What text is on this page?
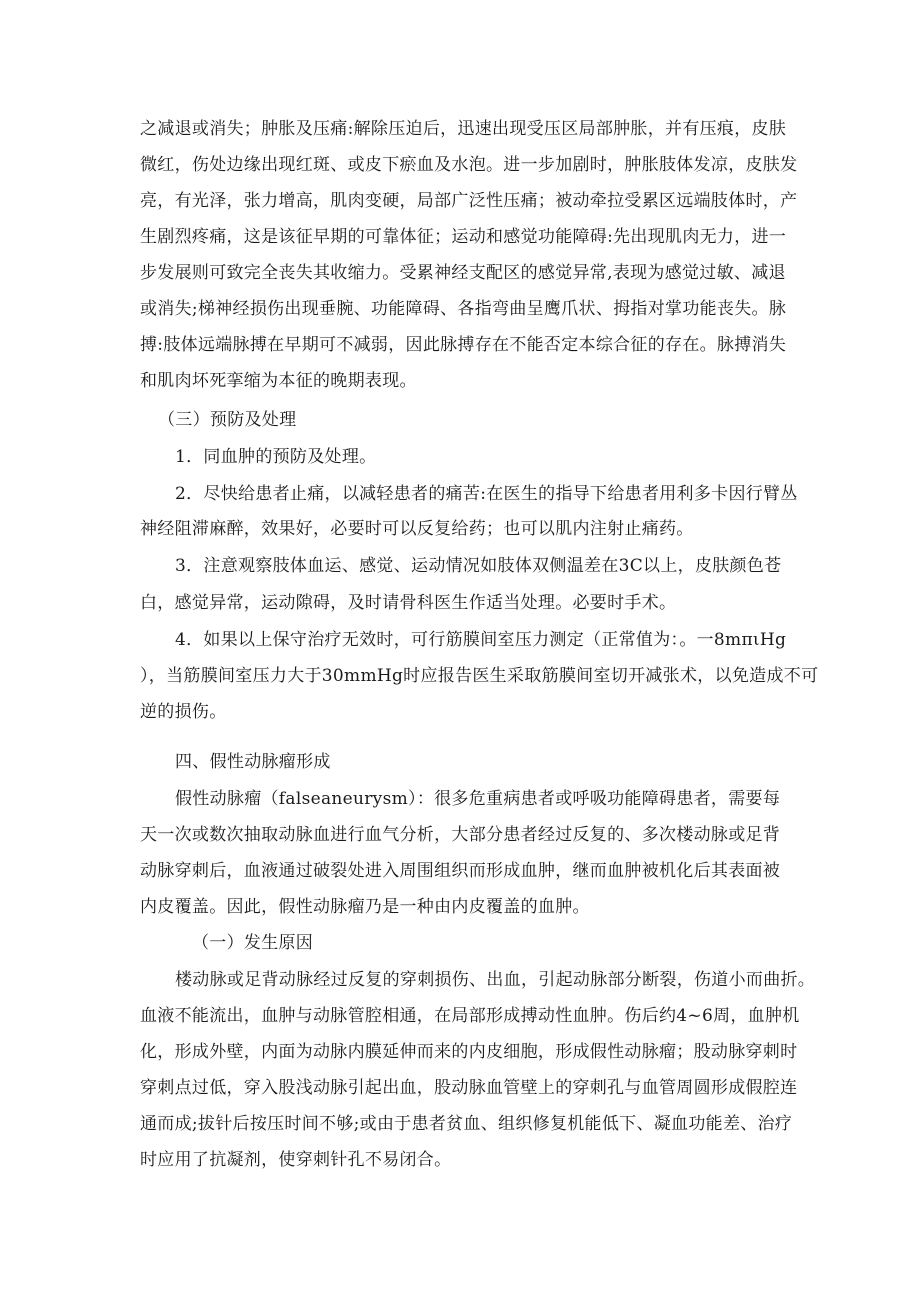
之减退或消失；肿胀及压痛:解除压迫后，迅速出现受压区局部肿胀，并有压痕，皮肤
微红，伤处边缘出现红斑、或皮下瘀血及水泡。进一步加剧时，肿胀肢体发凉，皮肤发
亮，有光泽，张力增高，肌肉变硬，局部广泛性压痛；被动牵拉受累区远端肢体时，产
生剧烈疼痛，这是该征早期的可靠体征；运动和感觉功能障碍:先出现肌肉无力，进一
步发展则可致完全丧失其收缩力。受累神经支配区的感觉异常,表现为感觉过敏、减退
或消失;梯神经损伤出现垂腕、功能障碍、各指弯曲呈鹰爪状、拇指对掌功能丧失。脉
搏:肢体远端脉搏在早期可不减弱，因此脉搏存在不能否定本综合征的存在。脉搏消失
和肌肉坏死挛缩为本征的晚期表现。
（三）预防及处理
1．同血肿的预防及处理。
2．尽快给患者止痛，以减轻患者的痛苦:在医生的指导下给患者用利多卡因行臂丛
神经阻滞麻醉，效果好，必要时可以反复给药；也可以肌内注射止痛药。
3．注意观察肢体血运、感觉、运动情况如肢体双侧温差在3C以上，皮肤颜色苍
白，感觉异常，运动隙碍，及时请骨科医生作适当处理。必要时手术。
4．如果以上保守治疗无效时，可行筋膜间室压力测定（正常值为：。一8mπιHg
），当筋膜间室压力大于30mmHg时应报告医生采取筋膜间室切开减张术，以免造成不可
逆的损伤。
四、假性动脉瘤形成
假性动脉瘤（falseaneurysm）：很多危重病患者或呼吸功能障碍患者，需要每
天一次或数次抽取动脉血进行血气分析，大部分患者经过反复的、多次楼动脉或足背
动脉穿刺后，血液通过破裂处进入周围组织而形成血肿，继而血肿被机化后其表面被
内皮覆盖。因此，假性动脉瘤乃是一种由内皮覆盖的血肿。
（一）发生原因
楼动脉或足背动脉经过反复的穿刺损伤、出血，引起动脉部分断裂，伤道小而曲折。
血液不能流出，血肿与动脉管腔相通，在局部形成搏动性血肿。伤后约4~6周，血肿机
化，形成外壁，内面为动脉内膜延伸而来的内皮细胞，形成假性动脉瘤；股动脉穿刺时
穿刺点过低，穿入股浅动脉引起出血，股动脉血管壁上的穿刺孔与血管周圆形成假腔连
通而成;拔针后按压时间不够;或由于患者贫血、组织修复机能低下、凝血功能差、治疗
时应用了抗凝剂，使穿刺针孔不易闭合。
